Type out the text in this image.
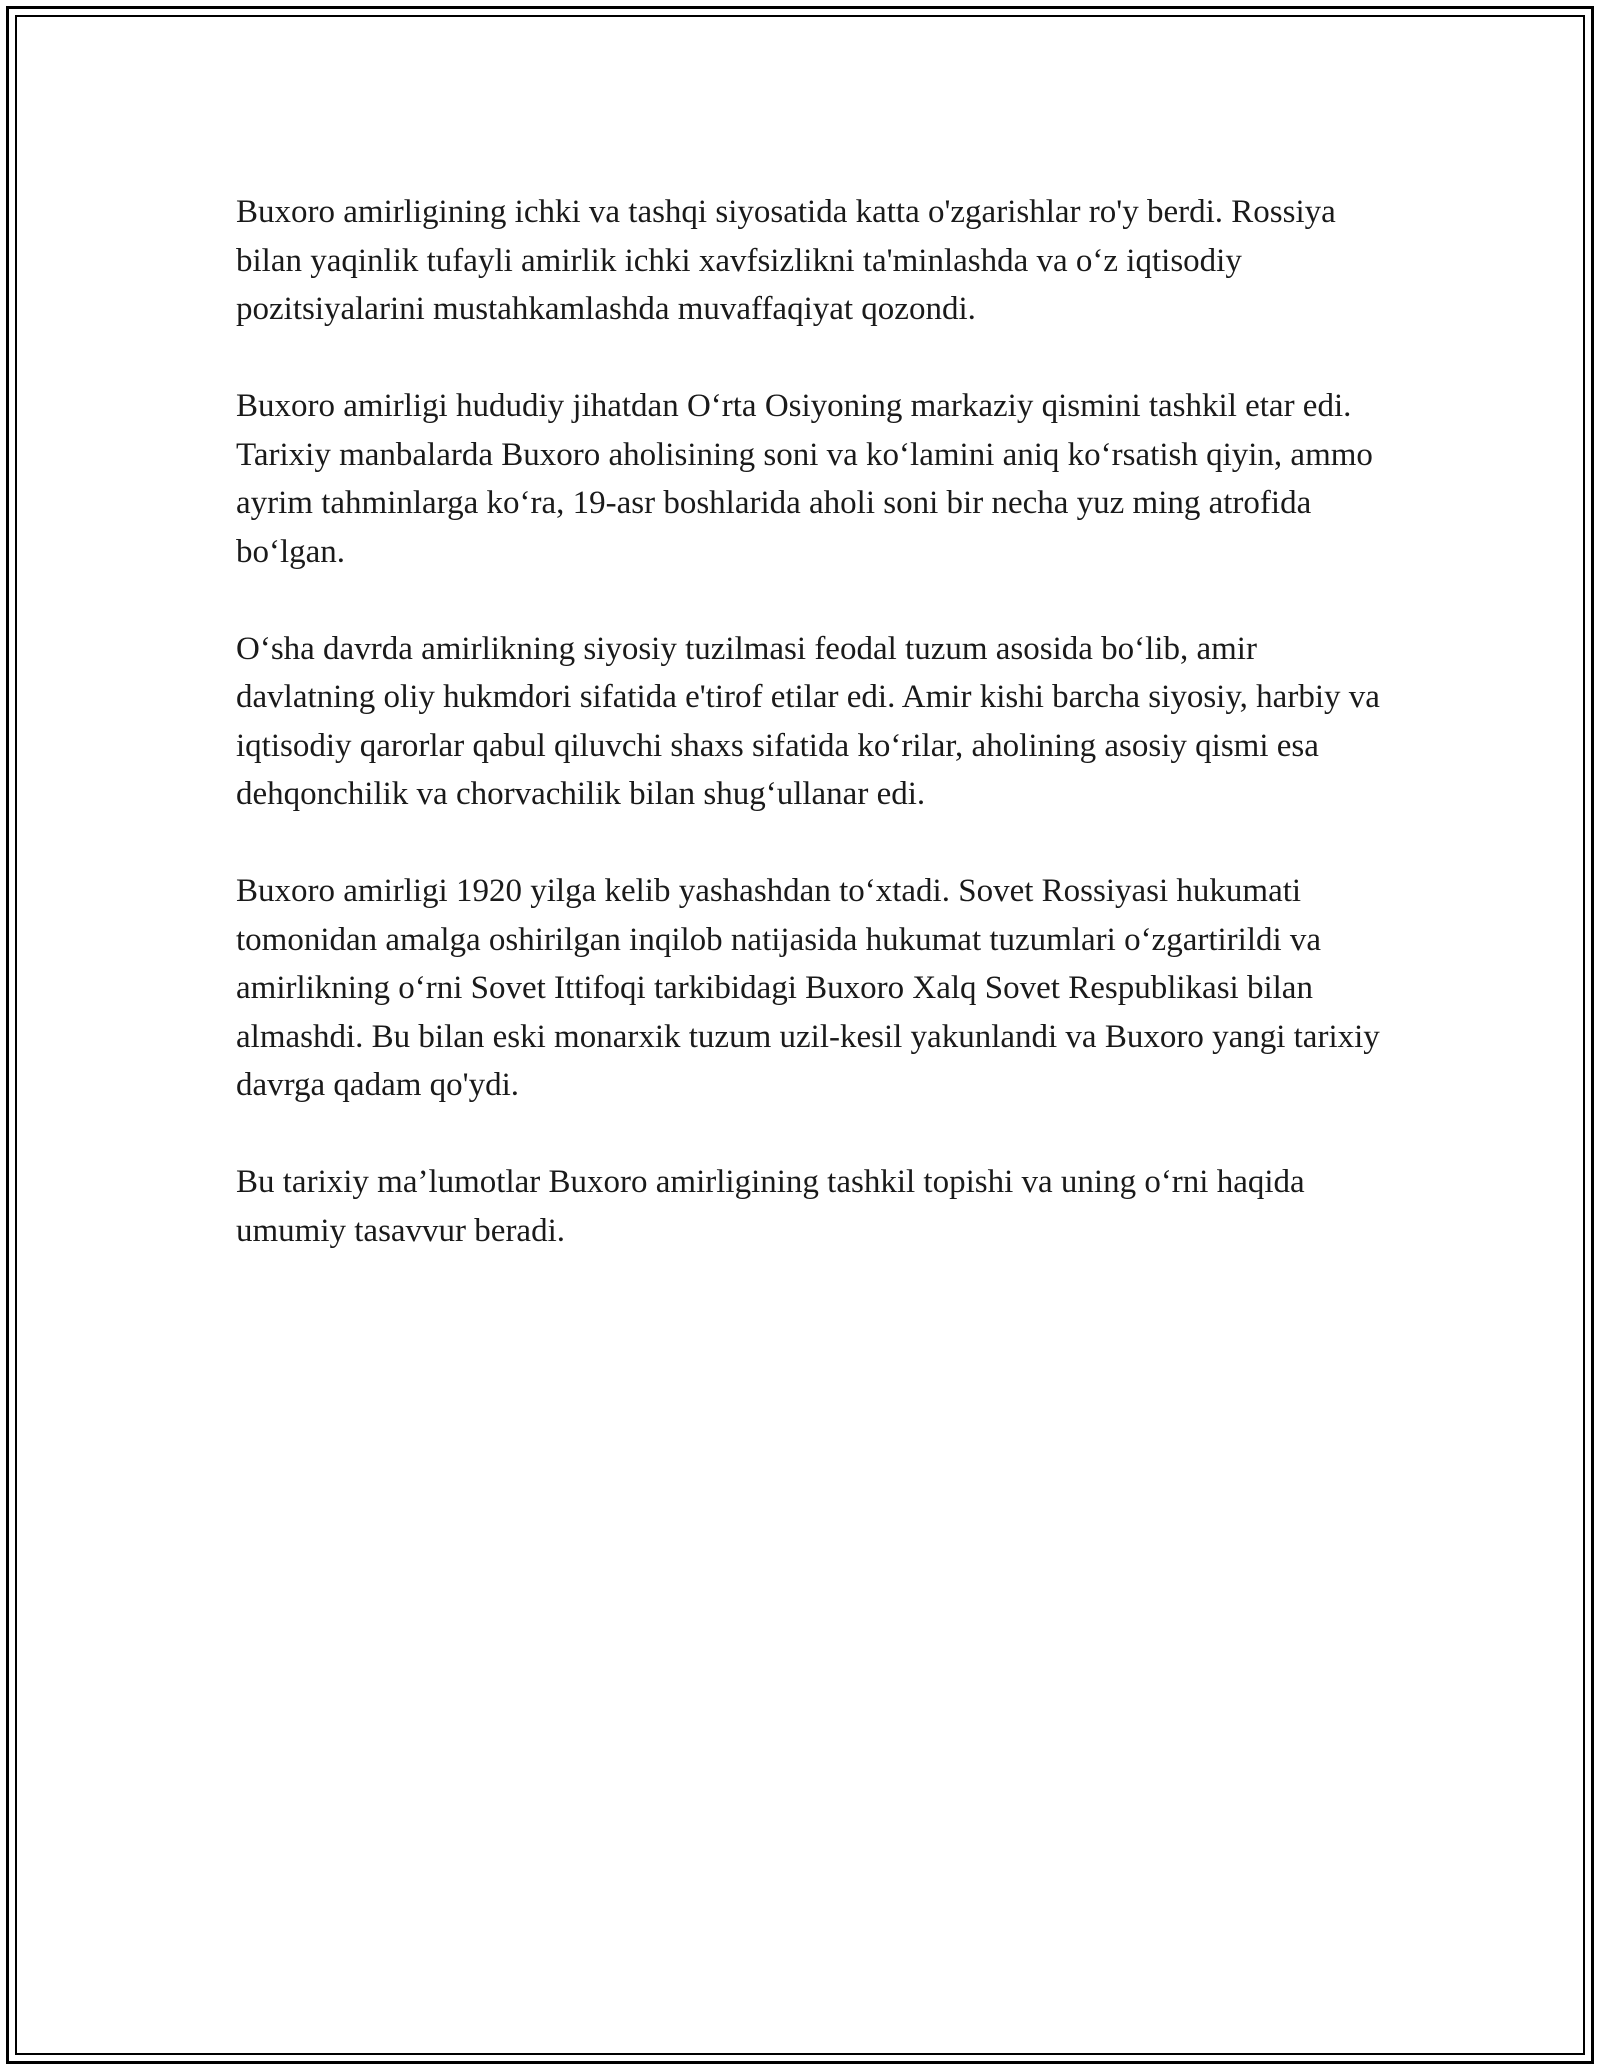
Buxoro amirligining ichki va tashqi siyosatida katta o'zgarishlar ro'y berdi. Rossiya bilan yaqinlik tufayli amirlik ichki xavfsizlikni ta'minlashda va o‘z iqtisodiy pozitsiyalarini mustahkamlashda muvaffaqiyat qozondi.

Buxoro amirligi hududiy jihatdan O‘rta Osiyoning markaziy qismini tashkil etar edi. Tarixiy manbalarda Buxoro aholisining soni va ko‘lamini aniq ko‘rsatish qiyin, ammo ayrim tahminlarga ko‘ra, 19-asr boshlarida aholi soni bir necha yuz ming atrofida bo‘lgan.

O‘sha davrda amirlikning siyosiy tuzilmasi feodal tuzum asosida bo‘lib, amir davlatning oliy hukmdori sifatida e'tirof etilar edi. Amir kishi barcha siyosiy, harbiy va iqtisodiy qarorlar qabul qiluvchi shaxs sifatida ko‘rilar, aholining asosiy qismi esa dehqonchilik va chorvachilik bilan shug‘ullanar edi.

Buxoro amirligi 1920 yilga kelib yashashdan to‘xtadi. Sovet Rossiyasi hukumati tomonidan amalga oshirilgan inqilob natijasida hukumat tuzumlari o‘zgartirildi va amirlikning o‘rni Sovet Ittifoqi tarkibidagi Buxoro Xalq Sovet Respublikasi bilan almashdi. Bu bilan eski monarxik tuzum uzil-kesil yakunlandi va Buxoro yangi tarixiy davrga qadam qo'ydi.

Bu tarixiy ma’lumotlar Buxoro amirligining tashkil topishi va uning o‘rni haqida umumiy tasavvur beradi.
